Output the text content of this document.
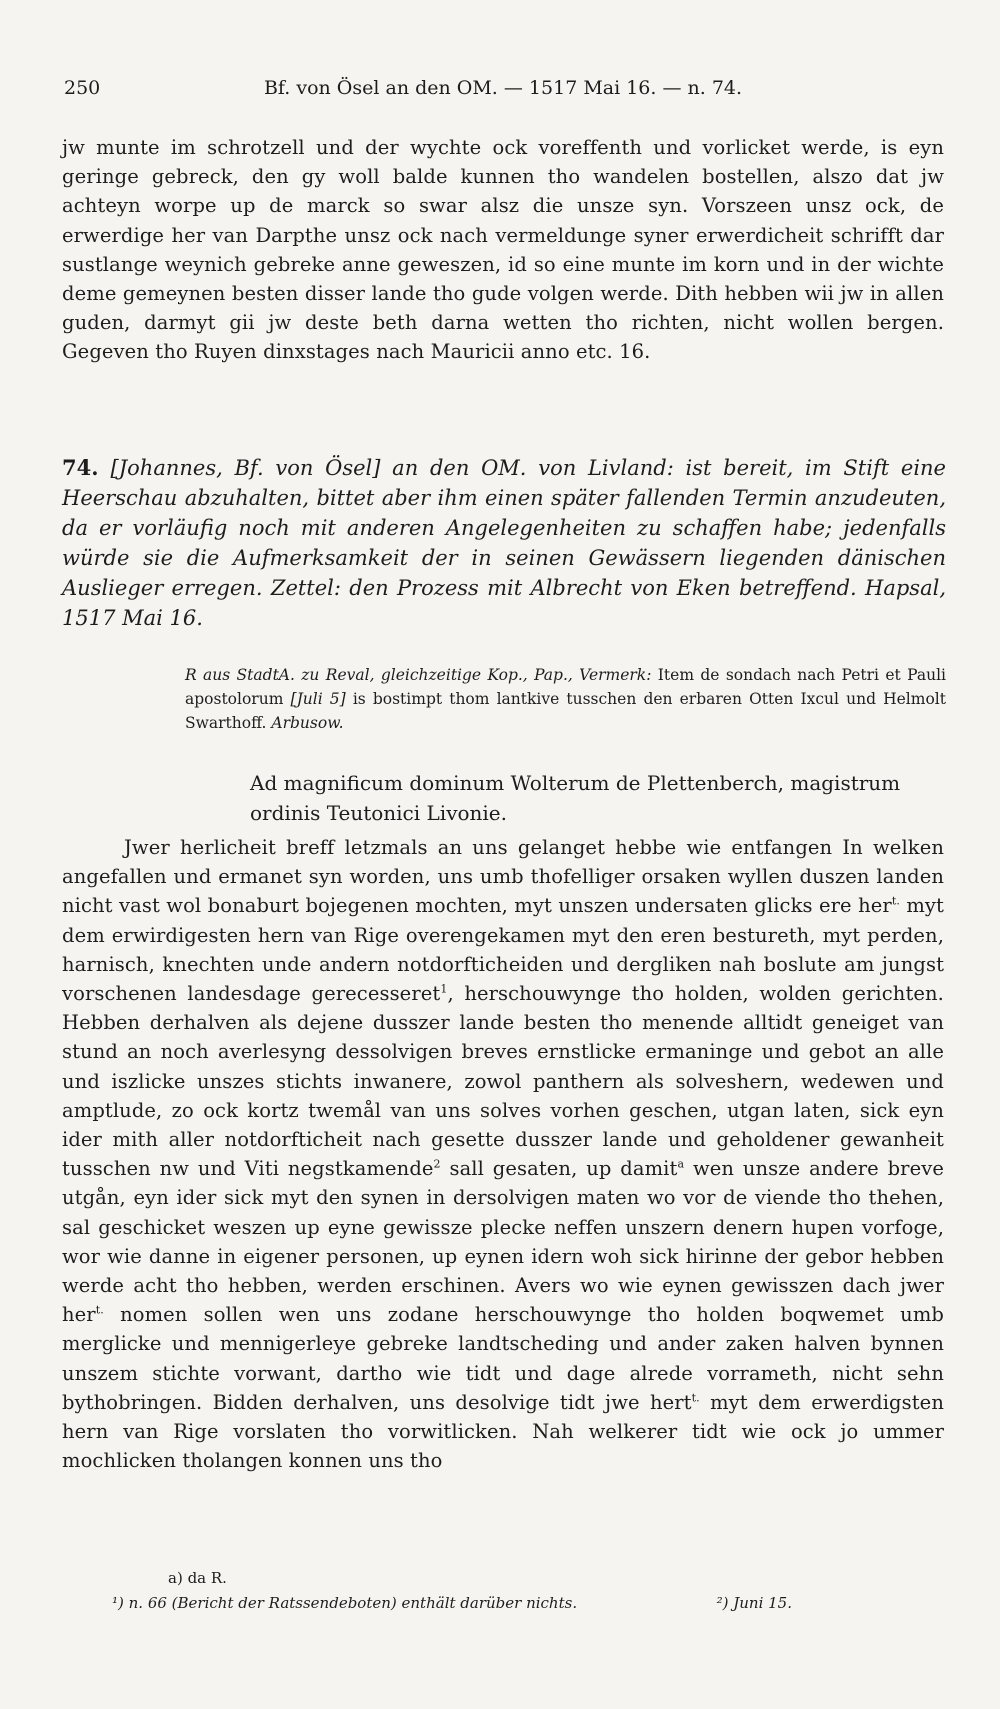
250	Bf. von Ösel an den OM. — 1517 Mai 16. — n. 74.

jw munte im schrotzell und der wychte ock voreffenth und vorlicket werde, is eyn geringe gebreck, den gy woll balde kunnen tho wandelen bostellen, alszo dat jw achteyn worpe up de marck so swar alsz die unsze syn. Vorszeen unsz ock, de erwerdige her van Darpthe unsz ock nach vermeldunge syner erwerdicheit schrifft dar sustlange weynich gebreke anne geweszen, id so eine munte im korn und in der wichte deme gemeynen besten disser lande tho gude volgen werde. Dith hebben wii jw in allen guden, darmyt gii jw deste beth darna wetten tho richten, nicht wollen bergen. Gegeven tho Ruyen dinxstages nach Mauricii anno etc. 16.

74. [Johannes, Bf. von Ösel] an den OM. von Livland: ist bereit, im Stift eine Heerschau abzuhalten, bittet aber ihm einen später fallenden Termin anzudeuten, da er vorläufig noch mit anderen Angelegenheiten zu schaffen habe; jedenfalls würde sie die Aufmerksamkeit der in seinen Gewässern liegenden dänischen Auslieger erregen. Zettel: den Prozess mit Albrecht von Eken betreffend. Hapsal, 1517 Mai 16.
R aus StadtA. zu Reval, gleichzeitige Kop., Pap., Vermerk: Item de sondach nach Petri et Pauli apostolorum [Juli 5] is bostimpt thom lantkive tusschen den erbaren Otten Ixcul und Helmolt Swarthoff. Arbusow.
Ad magnificum dominum Wolterum de Plettenberch, magistrum
ordinis Teutonici Livonie.

Jwer herlicheit breff letzmals an uns gelanget hebbe wie entfangen In welken angefallen und ermanet syn worden, uns umb thofelliger orsaken wyllen duszen landen nicht vast wol bonaburt bojegenen mochten, myt unszen undersaten glicks ere her$^{t.}$ myt dem erwirdigesten hern van Rige overengekamen myt den eren bestureth, myt perden, harnisch, knechten unde andern notdorfticheiden und dergliken nah boslute am jungst vorschenen landesdage gerecesseret$^1$, herschouwynge tho holden, wolden gerichten. Hebben derhalven als dejene dusszer lande besten tho menende alltidt geneiget van stund an noch averlesyng dessolvigen breves ernstlicke ermaninge und gebot an alle und iszlicke unszes stichts inwanere, zowol panthern als solveshern, wedewen und amptlude, zo ock kortz twemål van uns solves vorhen geschen, utgan laten, sick eyn ider mith aller notdorfticheit nach gesette dusszer lande und geholdener gewanheit tusschen nw und Viti negstkamende$^2$ sall gesaten, up damit$^a$ wen unsze andere breve utgån, eyn ider sick myt den synen in dersolvigen maten wo vor de viende tho thehen, sal geschicket weszen up eyne gewissze plecke neffen unszern denern hupen vorfoge, wor wie danne in eigener personen, up eynen idern woh sick hirinne der gebor hebben werde acht tho hebben, werden erschinen. Avers wo wie eynen gewisszen dach jwer her$^{t.}$ nomen sollen wen uns zodane herschouwynge tho holden boqwemet umb merglicke und mennigerleye gebreke landtscheding und ander zaken halven bynnen unszem stichte vorwant, dartho wie tidt und dage alrede vorrameth, nicht sehn bythobringen. Bidden derhalven, uns desolvige tidt jwe hert$^{t.}$ myt dem erwerdigsten hern van Rige vorslaten tho vorwitlicken. Nah welkerer tidt wie ock jo ummer mochlicken tholangen konnen uns tho

a) da R.
¹) n. 66 (Bericht der Ratssendeboten) enthält darüber nichts.	²) Juni 15.
